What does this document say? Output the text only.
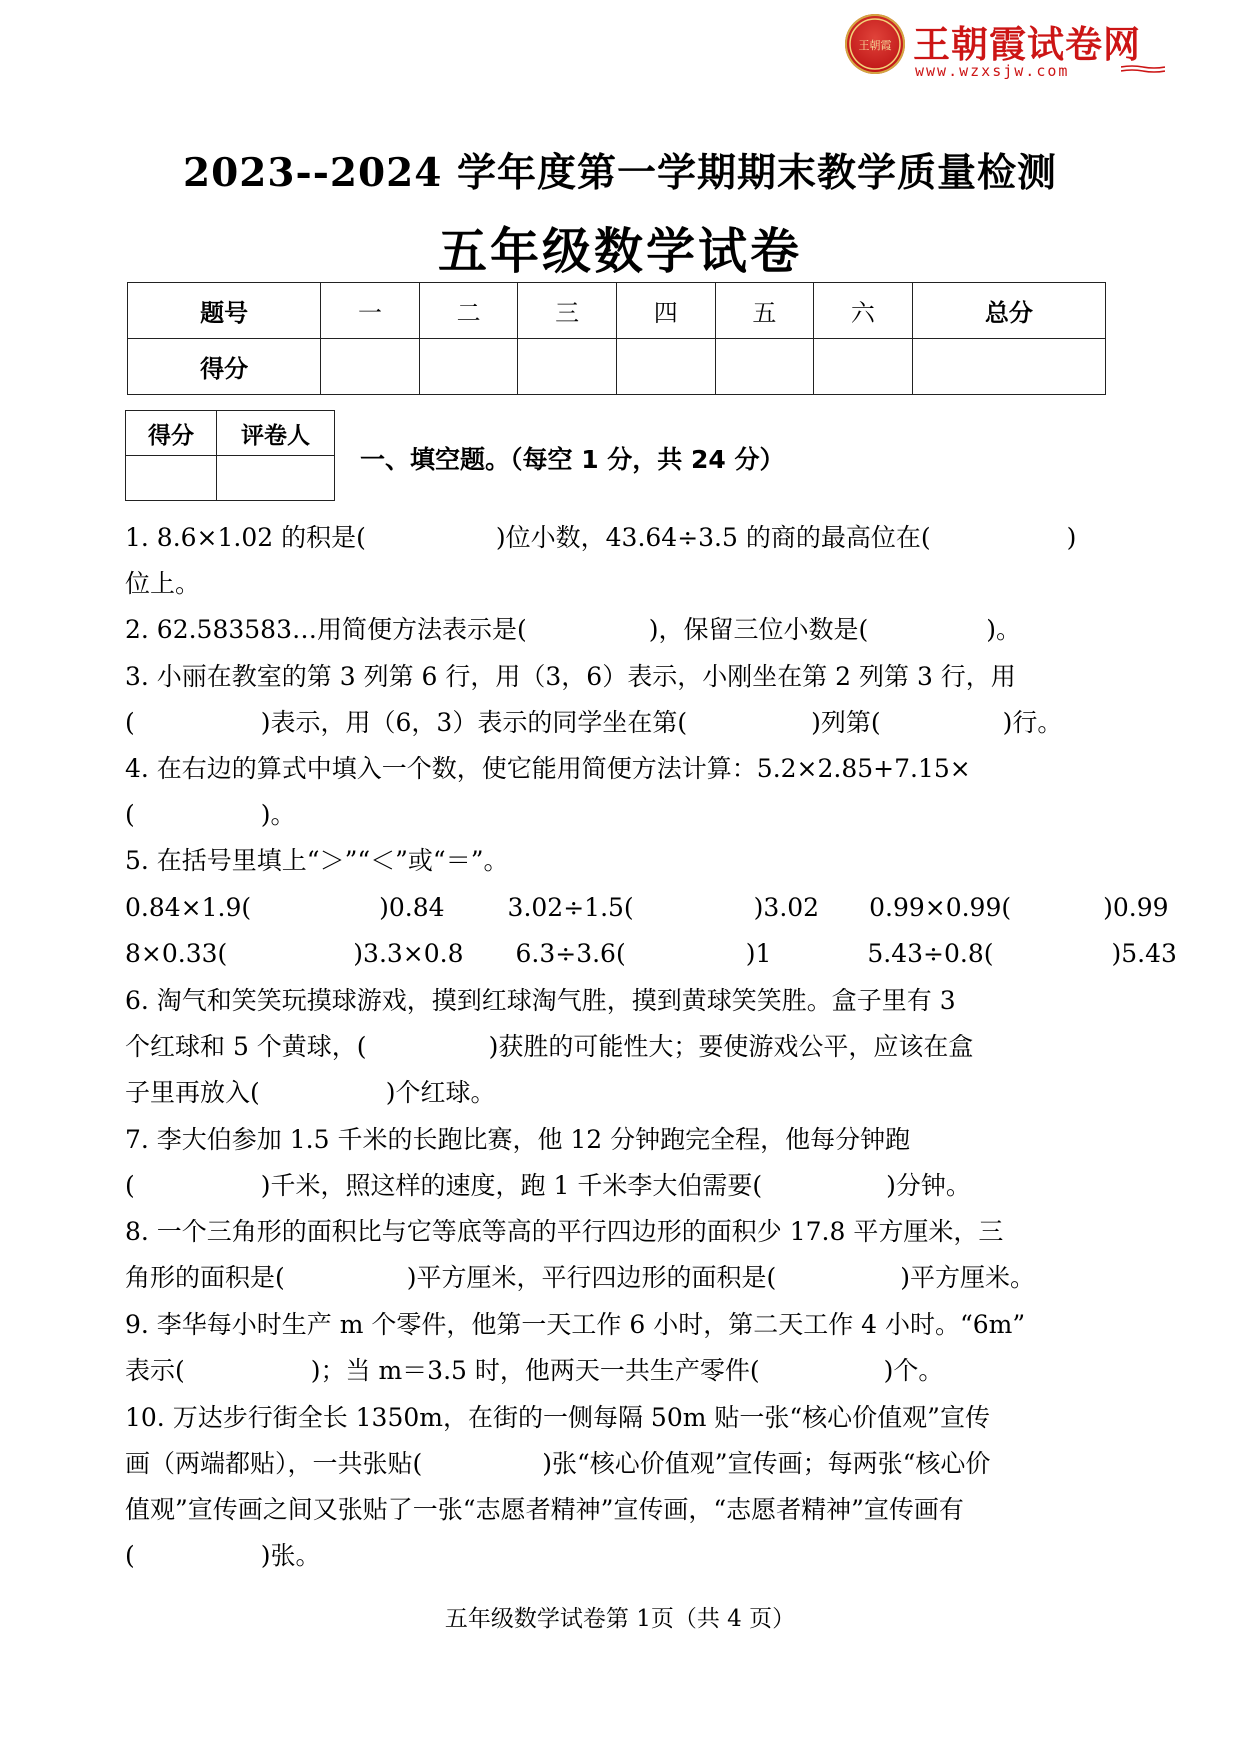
王朝霞 王朝霞试卷网
www.wzxsjw.com
2023--2024 学年度第一学期期末教学质量检测
五年级数学试卷
题号	一	二	三	四	五	六	总分
得分							
得分	评卷人

一、填空题。（每空 1 分，共 24 分）
1. 8.6×1.02 的积是(	)位小数，43.64÷3.5 的商的最高位在(	)
位上。
2. 62.583583…用简便方法表示是(	)，保留三位小数是(	)。
3. 小丽在教室的第 3 列第 6 行，用（3，6）表示，小刚坐在第 2 列第 3 行，用
(	)表示，用（6，3）表示的同学坐在第(	)列第(	)行。
4. 在右边的算式中填入一个数，使它能用简便方法计算：5.2×2.85+7.15×
(	)。
5. 在括号里填上“＞”“＜”或“＝”。
0.84×1.9(	)0.84	3.02÷1.5(	)3.02 0.99×0.99(	)0.99
8×0.33(	)3.3×0.8 6.3÷3.6(	)1	5.43÷0.8(	)5.43
6. 淘气和笑笑玩摸球游戏，摸到红球淘气胜，摸到黄球笑笑胜。盒子里有 3
个红球和 5 个黄球，(	)获胜的可能性大；要使游戏公平，应该在盒
子里再放入(	)个红球。
7. 李大伯参加 1.5 千米的长跑比赛，他 12 分钟跑完全程，他每分钟跑
(	)千米，照这样的速度，跑 1 千米李大伯需要(	)分钟。
8. 一个三角形的面积比与它等底等高的平行四边形的面积少 17.8 平方厘米，三
角形的面积是(	)平方厘米，平行四边形的面积是(	)平方厘米。
9. 李华每小时生产 m 个零件，他第一天工作 6 小时，第二天工作 4 小时。“6m”
表示(	)；当 m＝3.5 时，他两天一共生产零件(	)个。
10. 万达步行街全长 1350m，在街的一侧每隔 50m 贴一张“核心价值观”宣传
画（两端都贴），一共张贴(	)张“核心价值观”宣传画；每两张“核心价
值观”宣传画之间又张贴了一张“志愿者精神”宣传画，“志愿者精神”宣传画有
(	)张。
五年级数学试卷第 1页（共 4 页）
